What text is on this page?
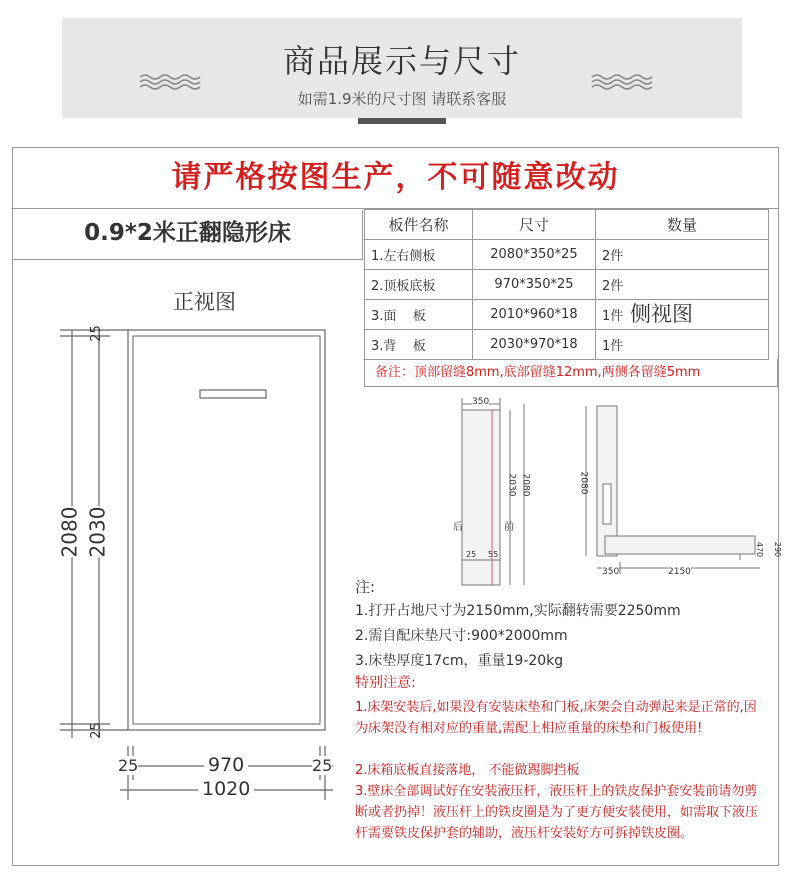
商品展示与尺寸
如需1.9米的尺寸图 请联系客服
请严格按图生产，不可随意改动
0.9*2米正翻隐形床	板件名称	尺寸	数量
1.左右侧板	2080*350*25	2件
2.顶板底板	970*350*25	2件
3.面    板	2010*960*18	1件
3.背    板	2030*970*18	1件
备注：顶部留缝8mm,底部留缝12mm,两侧各留缝5mm
正视图
25
25
2080 2030
25	25
970
1020
350
2030 2080
后	前
25 55
侧视图
2080
350	2150
470 290
注:
1.打开占地尺寸为2150mm,实际翻转需要2250mm
2.需自配床垫尺寸:900*2000mm
3.床垫厚度17cm，重量19-20kg
特别注意:
1.床架安装后,如果没有安装床垫和门板,床架会自动弹起来是正常的,因为床架没有相对应的重量,需配上相应重量的床垫和门板使用!
2.床箱底板直接落地， 不能做踢脚挡板
3.壁床全部调试好在安装液压杆，液压杆上的铁皮保护套安装前请勿剪断或者扔掉！液压杆上的铁皮圈是为了更方便安装使用，如需取下液压杆需要铁皮保护套的辅助，液压杆安装好方可拆掉铁皮圈。
